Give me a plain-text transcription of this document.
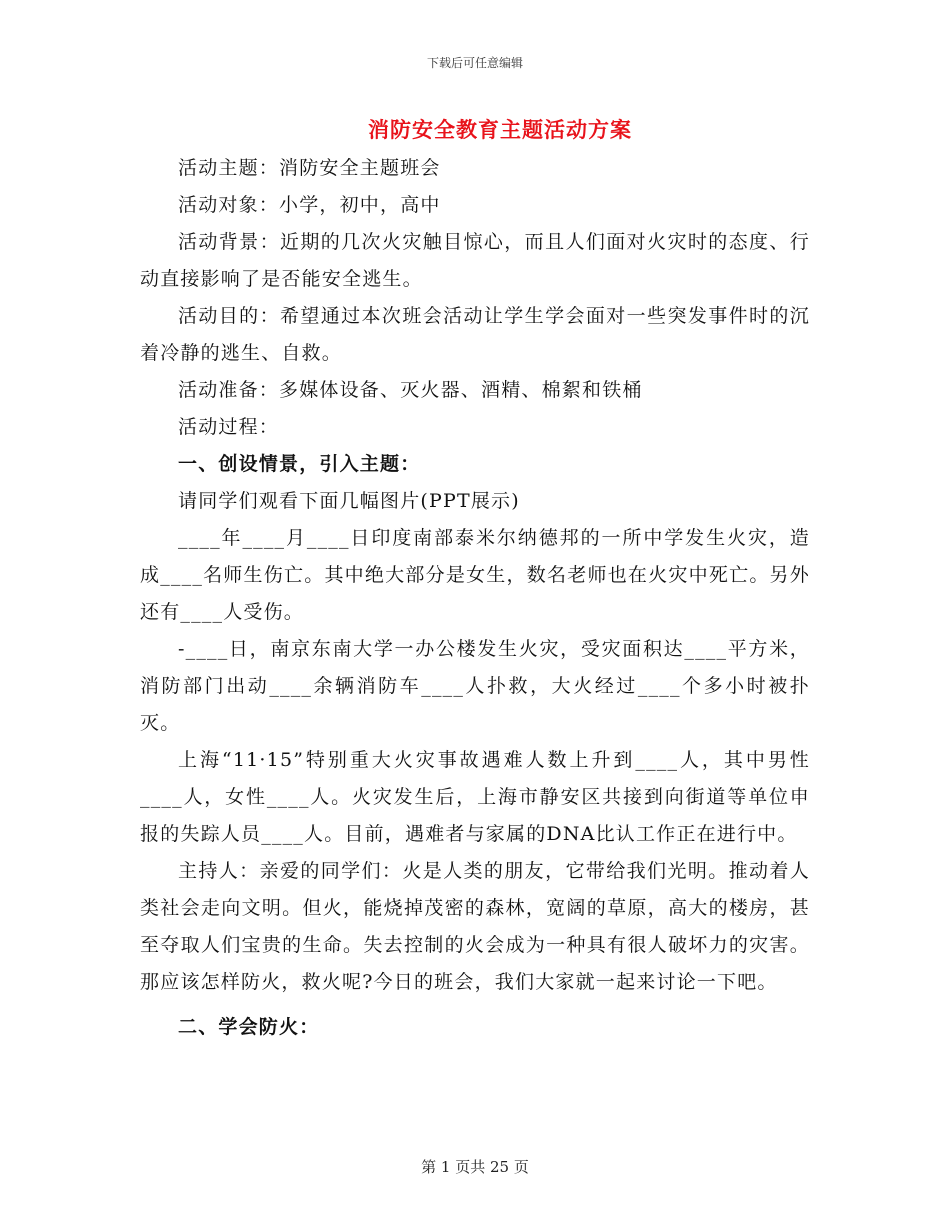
下载后可任意编辑
消防安全教育主题活动方案

活动主题：消防安全主题班会

活动对象：小学，初中，高中

活动背景：近期的几次火灾触目惊心，而且人们面对火灾时的态度、行动直接影响了是否能安全逃生。

活动目的：希望通过本次班会活动让学生学会面对一些突发事件时的沉着冷静的逃生、自救。

活动准备：多媒体设备、灭火器、酒精、棉絮和铁桶

活动过程：

一、创设情景，引入主题：

请同学们观看下面几幅图片(PPT展示)

____年____月____日印度南部泰米尔纳德邦的一所中学发生火灾，造成____名师生伤亡。其中绝大部分是女生，数名老师也在火灾中死亡。另外还有____人受伤。

-____日，南京东南大学一办公楼发生火灾，受灾面积达____平方米，消防部门出动____余辆消防车____人扑救，大火经过____个多小时被扑灭。

上海“11·15”特别重大火灾事故遇难人数上升到____人，其中男性____人，女性____人。火灾发生后，上海市静安区共接到向街道等单位申报的失踪人员____人。目前，遇难者与家属的DNA比认工作正在进行中。

主持人：亲爱的同学们：火是人类的朋友，它带给我们光明。推动着人类社会走向文明。但火，能烧掉茂密的森林，宽阔的草原，高大的楼房，甚至夺取人们宝贵的生命。失去控制的火会成为一种具有很人破坏力的灾害。那应该怎样防火，救火呢?今日的班会，我们大家就一起来讨论一下吧。

二、学会防火：

第 1 页共 25 页
